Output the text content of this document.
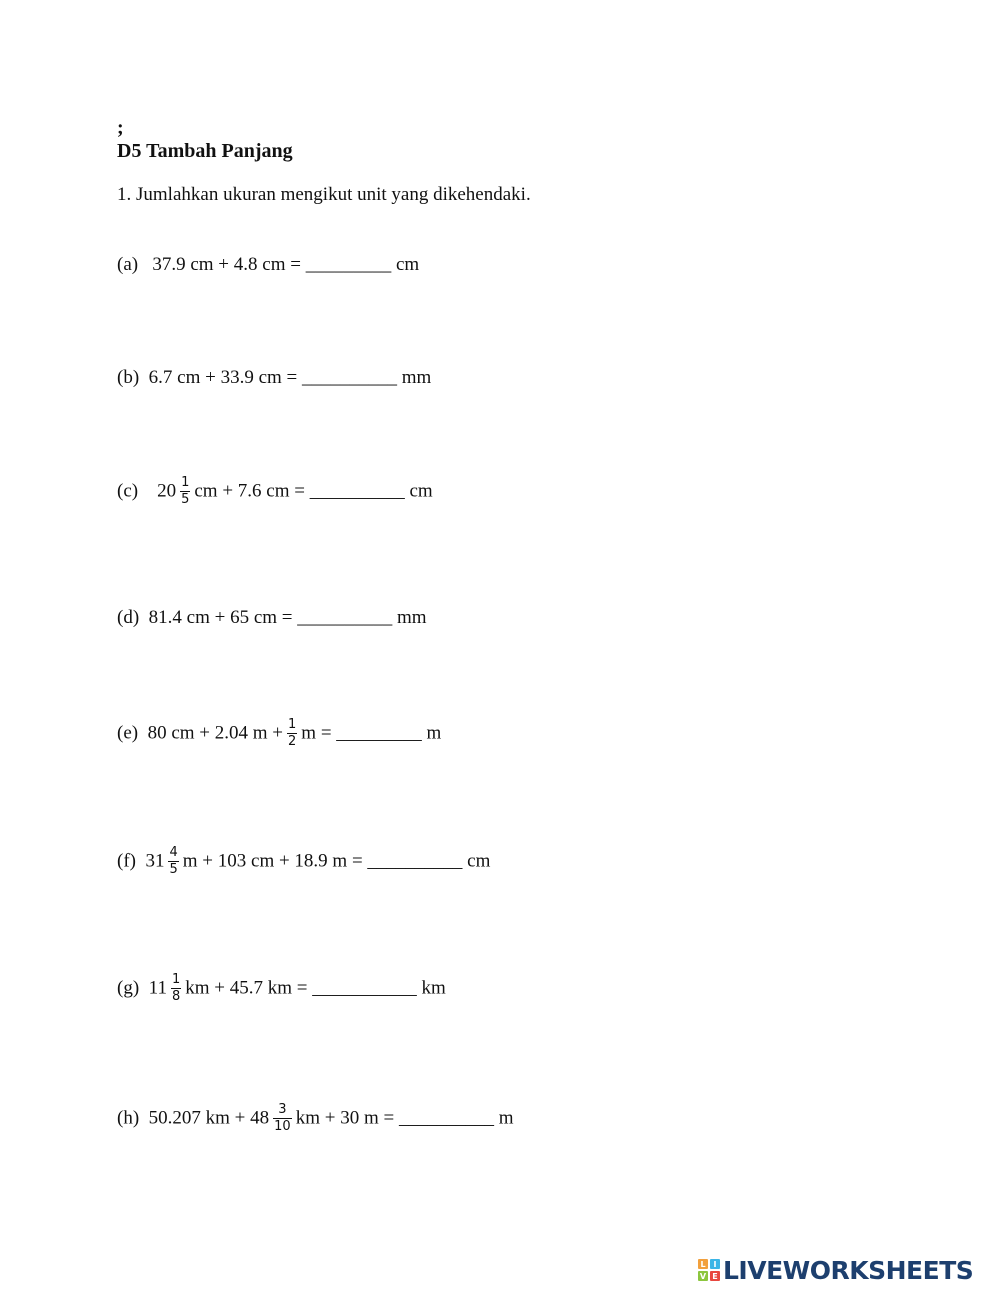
;
D5 Tambah Panjang
1. Jumlahkan ukuran mengikut unit yang dikehendaki.
(a) 37.9 cm + 4.8 cm = _________ cm
(b) 6.7 cm + 33.9 cm = __________ mm
(c) $20 \frac{1}{5}$ cm + 7.6 cm = __________ cm
(d) 81.4 cm + 65 cm = __________ mm
(e) 80 cm + 2.04 $m + \frac{1}{2}$ m = _________ m
(f) $31 \frac{4}{5}$ m + 103 cm + 18.9 m = __________ cm
(g) $11 \frac{1}{8}$ km + 45.7 km = ___________ km
(h) 50.207 km + $48 \frac{3}{10}$ km + 30 m = __________ m
L I
V E LIVEWORKSHEETS
